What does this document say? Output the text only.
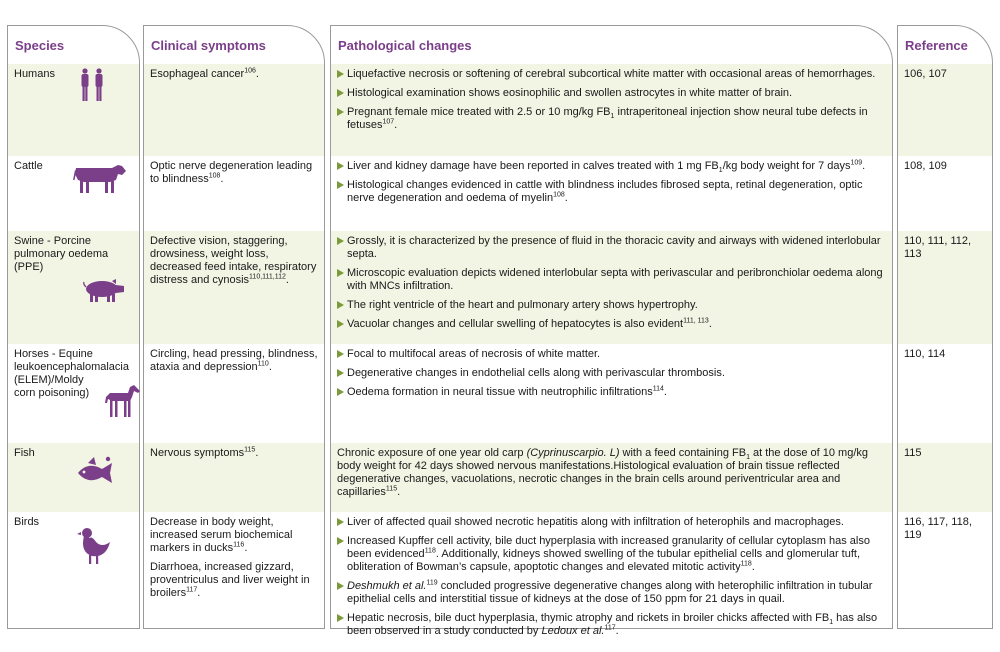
Species
Humans
Cattle
Swine - Porcine pulmonary oedema (PPE)
Horses - Equine leukoencephalomalacia (ELEM)/Moldy corn poisoning)
Fish
Birds
Clinical symptoms
Esophageal cancer$^{106}$.
Optic nerve degeneration leading to blindness$^{108}$.
Defective vision, staggering, drowsiness, weight loss, decreased feed intake, respiratory distress and cynosis$^{110,111,112}$.
Circling, head pressing, blindness, ataxia and depression$^{110}$.
Nervous symptoms$^{115}$.
Decrease in body weight, increased serum biochemical markers in ducks$^{116}$.
Diarrhoea, increased gizzard, proventriculus and liver weight in broilers$^{117}$.
Pathological changes
Liquefactive necrosis or softening of cerebral subcortical white matter with occasional areas of hemorrhages.
Histological examination shows eosinophilic and swollen astrocytes in white matter of brain.
Pregnant female mice treated with 2.5 or 10 mg/kg $FB_1$ intraperitoneal injection show neural tube defects in fetuses$^{107}$.
Liver and kidney damage have been reported in calves treated with 1 mg $FB_1/kg$ body weight for 7 days$^{109}$.
Histological changes evidenced in cattle with blindness includes fibrosed septa, retinal degeneration, optic nerve degeneration and oedema of myelin$^{108}$.
Grossly, it is characterized by the presence of fluid in the thoracic cavity and airways with widened interlobular septa.
Microscopic evaluation depicts widened interlobular septa with perivascular and peribronchiolar oedema along with MNCs infiltration.
The right ventricle of the heart and pulmonary artery shows hypertrophy.
Vacuolar changes and cellular swelling of hepatocytes is also evident$^{111, 113}$.
Focal to multifocal areas of necrosis of white matter.
Degenerative changes in endothelial cells along with perivascular thrombosis.
Oedema formation in neural tissue with neutrophilic infiltrations$^{114}$.
Chronic exposure of one year old carp (Cyprinuscarpio. L) with a feed containing $FB_1$ at the dose of 10 mg/kg body weight for 42 days showed nervous manifestations.Histological evaluation of brain tissue reflected degenerative changes, vacuolations, necrotic changes in the brain cells around periventricular area and capillaries$^{115}$.
Liver of affected quail showed necrotic hepatitis along with infiltration of heterophils and macrophages.
Increased Kupffer cell activity, bile duct hyperplasia with increased granularity of cellular cytoplasm has also been evidenced$^{118}$. Additionally, kidneys showed swelling of the tubular epithelial cells and glomerular tuft, obliteration of Bowman’s capsule, apoptotic changes and elevated mitotic activity$^{118}$.
Deshmukh et al.$^{119}$ concluded progressive degenerative changes along with heterophilic infiltration in tubular epithelial cells and interstitial tissue of kidneys at the dose of 150 ppm for 21 days in quail.
Hepatic necrosis, bile duct hyperplasia, thymic atrophy and rickets in broiler chicks affected with $FB_1$ has also been observed in a study conducted by Ledoux et al.$^{117}$.
Reference
106, 107
108, 109
110, 111, 112, 113
110, 114
115
116, 117, 118, 119
